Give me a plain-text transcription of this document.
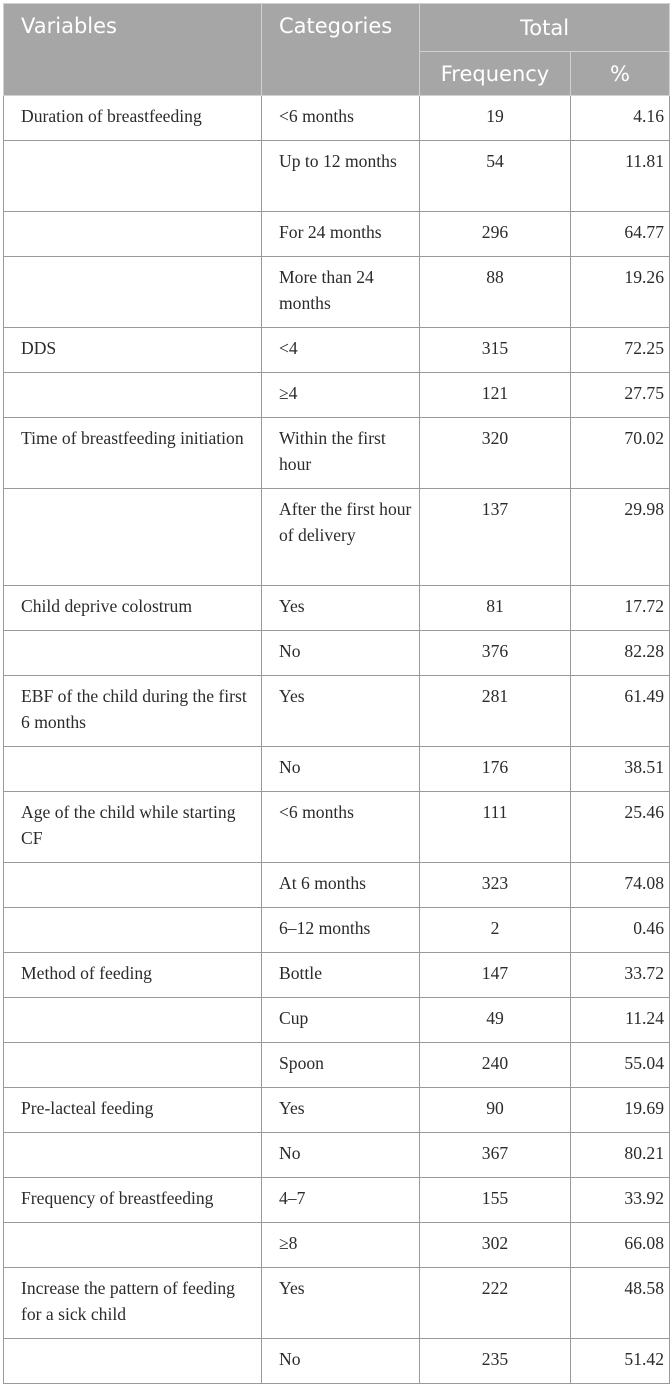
Variables	Categories	Total	
		Frequency	%
Duration of breastfeeding	<6 months	19	4.16
	Up to 12 months	54	11.81
	For 24 months	296	64.77
	More than 24 months	88	19.26
DDS	<4	315	72.25
	≥4	121	27.75
Time of breastfeeding initiation	Within the first hour	320	70.02
	After the first hour of delivery	137	29.98
Child deprive colostrum	Yes	81	17.72
	No	376	82.28
EBF of the child during the first 6 months	Yes	281	61.49
	No	176	38.51
Age of the child while starting CF	<6 months	111	25.46
	At 6 months	323	74.08
	6–12 months	2	0.46
Method of feeding	Bottle	147	33.72
	Cup	49	11.24
	Spoon	240	55.04
Pre-lacteal feeding	Yes	90	19.69
	No	367	80.21
Frequency of breastfeeding	4–7	155	33.92
	≥8	302	66.08
Increase the pattern of feeding for a sick child	Yes	222	48.58
	No	235	51.42
